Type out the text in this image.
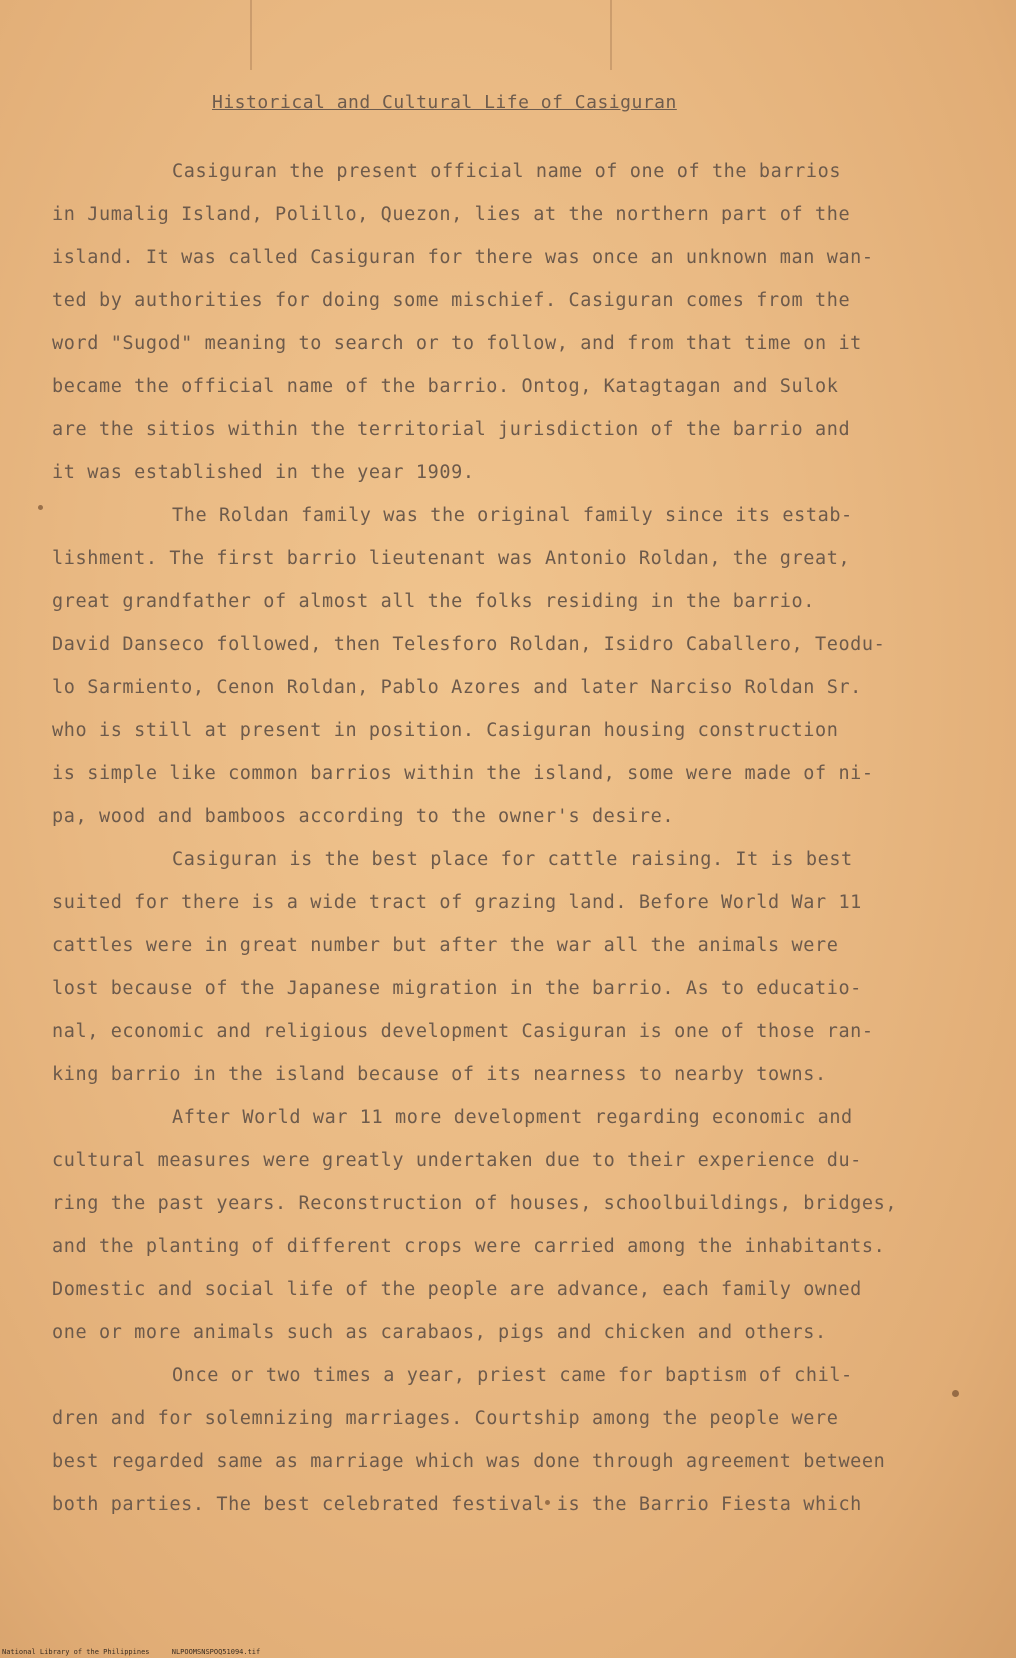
Historical and Cultural Life of Casiguran
Casiguran the present official name of one of the barrios
in Jumalig Island, Polillo, Quezon, lies at the northern part of the
island. It was called Casiguran for there was once an unknown man wan-
ted by authorities for doing some mischief. Casiguran comes from the
word "Sugod" meaning to search or to follow, and from that time on it
became the official name of the barrio. Ontog, Katagtagan and Sulok
are the sitios within the territorial jurisdiction of the barrio and
it was established in the year 1909.
The Roldan family was the original family since its estab-
lishment. The first barrio lieutenant was Antonio Roldan, the great,
great grandfather of almost all the folks residing in the barrio.
David Danseco followed, then Telesforo Roldan, Isidro Caballero, Teodu-
lo Sarmiento, Cenon Roldan, Pablo Azores and later Narciso Roldan Sr.
who is still at present in position. Casiguran housing construction
is simple like common barrios within the island, some were made of ni-
pa, wood and bamboos according to the owner's desire.
Casiguran is the best place for cattle raising. It is best
suited for there is a wide tract of grazing land. Before World War 11
cattles were in great number but after the war all the animals were
lost because of the Japanese migration in the barrio. As to educatio-
nal, economic and religious development Casiguran is one of those ran-
king barrio in the island because of its nearness to nearby towns.
After World war 11 more development regarding economic and
cultural measures were greatly undertaken due to their experience du-
ring the past years. Reconstruction of houses, schoolbuildings, bridges,
and the planting of different crops were carried among the inhabitants.
Domestic and social life of the people are advance, each family owned
one or more animals such as carabaos, pigs and chicken and others.
Once or two times a year, priest came for baptism of chil-
dren and for solemnizing marriages. Courtship among the people were
best regarded same as marriage which was done through agreement between
both parties. The best celebrated festival is the Barrio Fiesta which
National Library of the Philippines	NLPOOMSNSPOQ51094.tif
